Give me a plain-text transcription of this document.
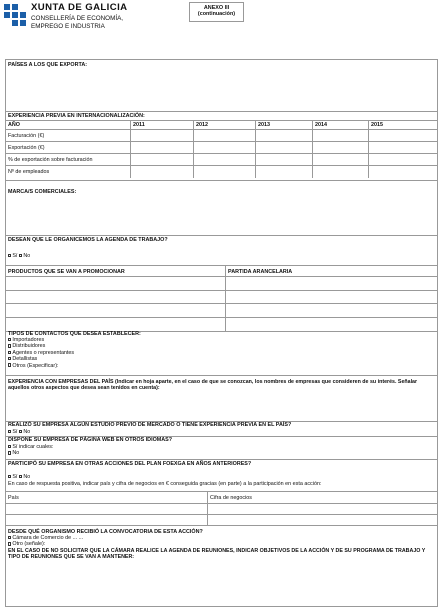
XUNTA DE GALICIA
CONSELLERÍA DE ECONOMÍA,
EMPREGO E INDUSTRIA
ANEXO III
(continuación)
PAÍSES A LOS QUE EXPORTA:
EXPERIENCIA PREVIA EN INTERNACIONALIZACIÓN:
AÑO	2011	2012	2013	2014	2015
Facturación (€)
Exportación (€)
% de exportación sobre facturación
Nº de empleados
MARCA/S COMERCIALES:
DESEAN QUE LE ORGANICEMOS LA AGENDA DE TRABAJO?
Sí No
PRODUCTOS QUE SE VAN A PROMOCIONAR	PARTIDA ARANCELARIA
TIPOS DE CONTACTOS QUE DESEA ESTABLECER:
Importadores
Distribuidores
Agentes o representantes
Detallistas
Otros (Especificar):
EXPERIENCIA CON EMPRESAS DEL PAÍS (Indicar en hoja aparte, en el caso de que se conozcan, los nombres de empresas que consideren de su interés. Señalar aquellos otros aspectos que desea sean tenidos en cuenta):
REALIZÓ SU EMPRESA ALGÚN ESTUDIO PREVIO DE MERCADO O TIENE EXPERIENCIA PREVIA EN EL PAÍS?
Sí No
DISPONE SU EMPRESA DE PÁGINA WEB EN OTROS IDIOMAS?
Sí indicar cuales:
No
PARTICIPÓ SU EMPRESA EN OTRAS ACCIONES DEL PLAN FOEXGA EN AÑOS ANTERIORES?
Sí No
En caso de respuesta positiva, indicar país y cifra de negocios en € conseguida gracias (en parte) a la participación en esta acción:
País	Cifra de negocios
DESDE QUÉ ORGANISMO RECIBIÓ LA CONVOCATORIA DE ESTA ACCIÓN?
Cámara de Comercio de ... ...
Otro (señale):
EN EL CASO DE NO SOLICITAR QUE LA CÁMARA REALICE LA AGENDA DE REUNIONES, INDICAR OBJETIVOS DE LA ACCIÓN Y DE SU PROGRAMA DE TRABAJO Y TIPO DE REUNIONES QUE SE VAN A MANTENER:
